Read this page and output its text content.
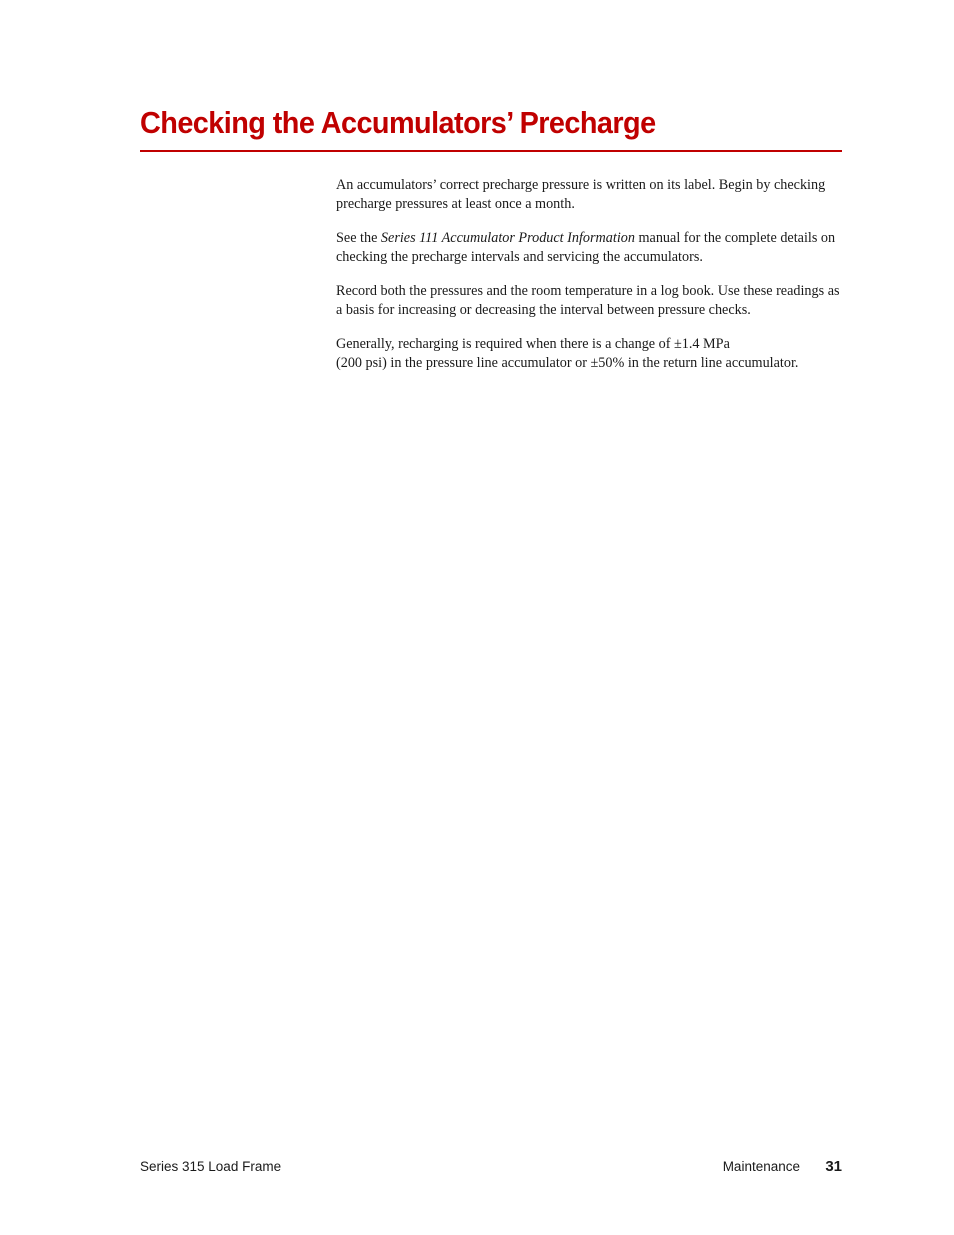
Checking the Accumulators’ Precharge

An accumulators’ correct precharge pressure is written on its label. Begin by checking precharge pressures at least once a month.

See the Series 111 Accumulator Product Information manual for the complete details on checking the precharge intervals and servicing the accumulators.

Record both the pressures and the room temperature in a log book. Use these readings as a basis for increasing or decreasing the interval between pressure checks.

Generally, recharging is required when there is a change of ±1.4 MPa
(200 psi) in the pressure line accumulator or ±50% in the return line accumulator.

Series 315 Load Frame	Maintenance 31
